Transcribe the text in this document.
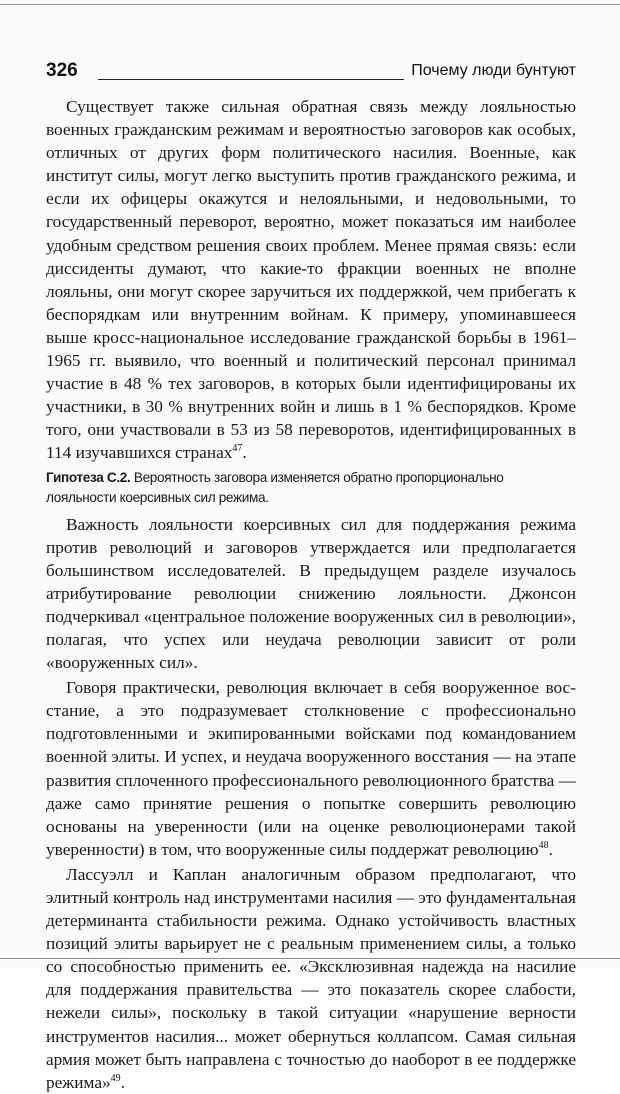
326	Почему люди бунтуют

Существует также сильная обратная связь между лояльностью военных гражданским режимам и вероятностью заговоров как особых, отличных от других форм политического насилия. Военные, как институт силы, могут легко выступить против гражданского режима, и если их офицеры окажутся и нелояльными, и недовольными, то государственный переворот, вероятно, может показаться им наиболее удобным средством решения своих проблем. Менее прямая связь: если диссиденты думают, что какие-то фракции военных не вполне лояльны, они могут скорее заручиться их поддержкой, чем прибегать к беспорядкам или внутренним войнам. К примеру, упоминавшееся выше кросс-национальное исследование гражданской борьбы в 1961–1965 гг. выявило, что военный и политический персонал принимал участие в 48 % тех заговоров, в которых были идентифицированы их участники, в 30 % внутренних войн и лишь в 1 % беспорядков. Кроме того, они участвовали в 53 из 58 переворотов, идентифицированных в 114 изучавшихся странах$^{47}$.

Гипотеза С.2. Вероятность заговора изменяется обратно пропорционально лояльности коерсивных сил режима.

Важность лояльности коерсивных сил для поддержания режима против революций и заговоров утверждается или предполагается большинством исследователей. В предыдущем разделе изучалось атрибутирование революции снижению лояльности. Джонсон подчеркивал «центральное положение вооруженных сил в революции», полагая, что успех или неудача революции зависит от роли «вооруженных сил».

Говоря практически, революция включает в себя вооруженное восстание, а это подразумевает столкновение с профессионально подготовленными и экипированными войсками под командованием военной элиты. И успех, и неудача вооруженного восстания — на этапе развития сплоченного профессионального революционного братства — даже само принятие решения о попытке совершить революцию основаны на уверенности (или на оценке революционерами такой уверенности) в том, что вооруженные силы поддержат революцию$^{48}$.

Лассуэлл и Каплан аналогичным образом предполагают, что элитный контроль над инструментами насилия — это фундаментальная детерминанта стабильности режима. Однако устойчивость властных позиций элиты варьирует не с реальным применением силы, а только со способностью применить ее. «Эксклюзивная надежда на насилие для поддержания правительства — это показатель скорее слабости, нежели силы», поскольку в такой ситуации «нарушение верности инструментов насилия... может обернуться коллапсом. Самая сильная армия может быть направлена с точностью до наоборот в ее поддержке режима»$^{49}$.
